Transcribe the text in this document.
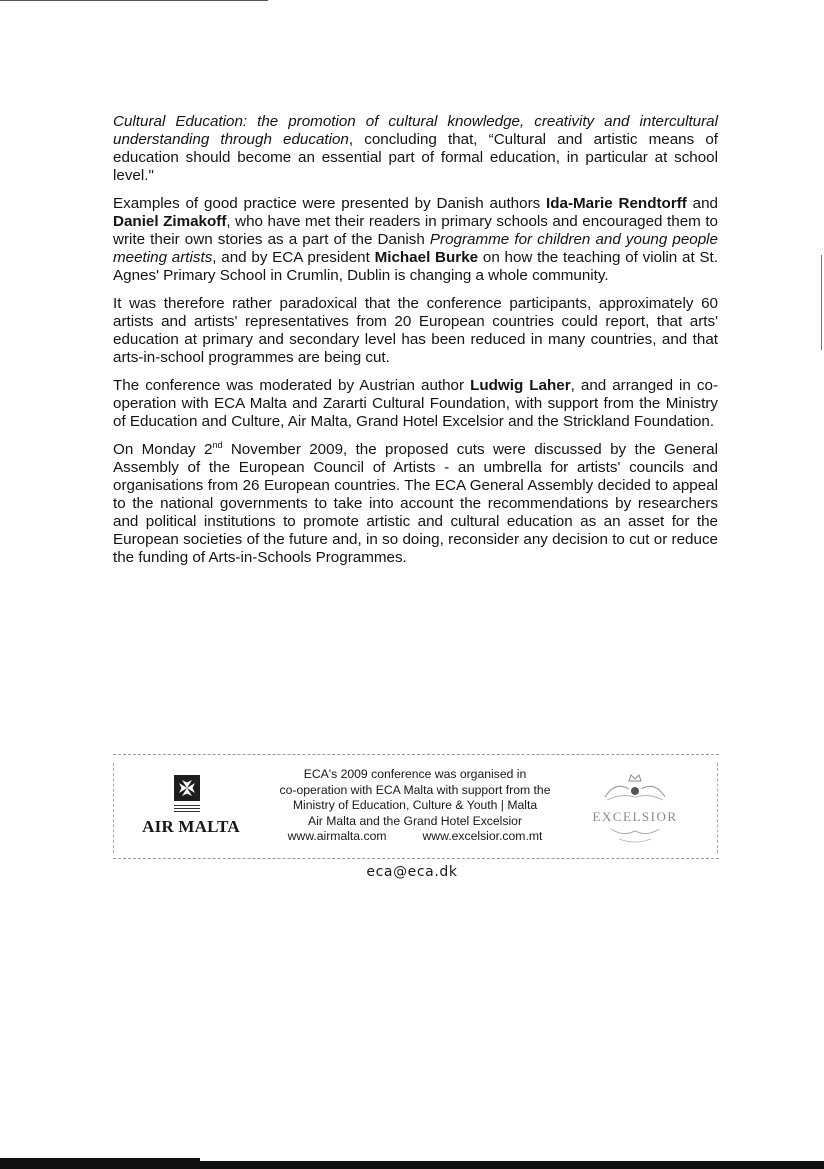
Cultural Education: the promotion of cultural knowledge, creativity and intercultural understanding through education, concluding that, “Cultural and artistic means of education should become an essential part of formal education, in particular at school level."

Examples of good practice were presented by Danish authors Ida-Marie Rendtorff and Daniel Zimakoff, who have met their readers in primary schools and encouraged them to write their own stories as a part of the Danish Programme for children and young people meeting artists, and by ECA president Michael Burke on how the teaching of violin at St. Agnes' Primary School in Crumlin, Dublin is changing a whole community.

It was therefore rather paradoxical that the conference participants, approximately 60 artists and artists' representatives from 20 European countries could report, that arts' education at primary and secondary level has been reduced in many countries, and that arts-in-school programmes are being cut.

The conference was moderated by Austrian author Ludwig Laher, and arranged in co-operation with ECA Malta and Zararti Cultural Foundation, with support from the Ministry of Education and Culture, Air Malta, Grand Hotel Excelsior and the Strickland Foundation.

On Monday 2nd November 2009, the proposed cuts were discussed by the General Assembly of the European Council of Artists - an umbrella for artists' councils and organisations from 26 European countries. The ECA General Assembly decided to appeal to the national governments to take into account the recommendations by researchers and political institutions to promote artistic and cultural education as an asset for the European societies of the future and, in so doing, reconsider any decision to cut or reduce the funding of Arts-in-Schools Programmes.

AIR MALTA
ECA's 2009 conference was organised in
co-operation with ECA Malta with support from the
Ministry of Education, Culture & Youth | Malta
Air Malta and the Grand Hotel Excelsior
www.airmalta.com	www.excelsior.com.mt
EXCELSIOR
eca@eca.dk
